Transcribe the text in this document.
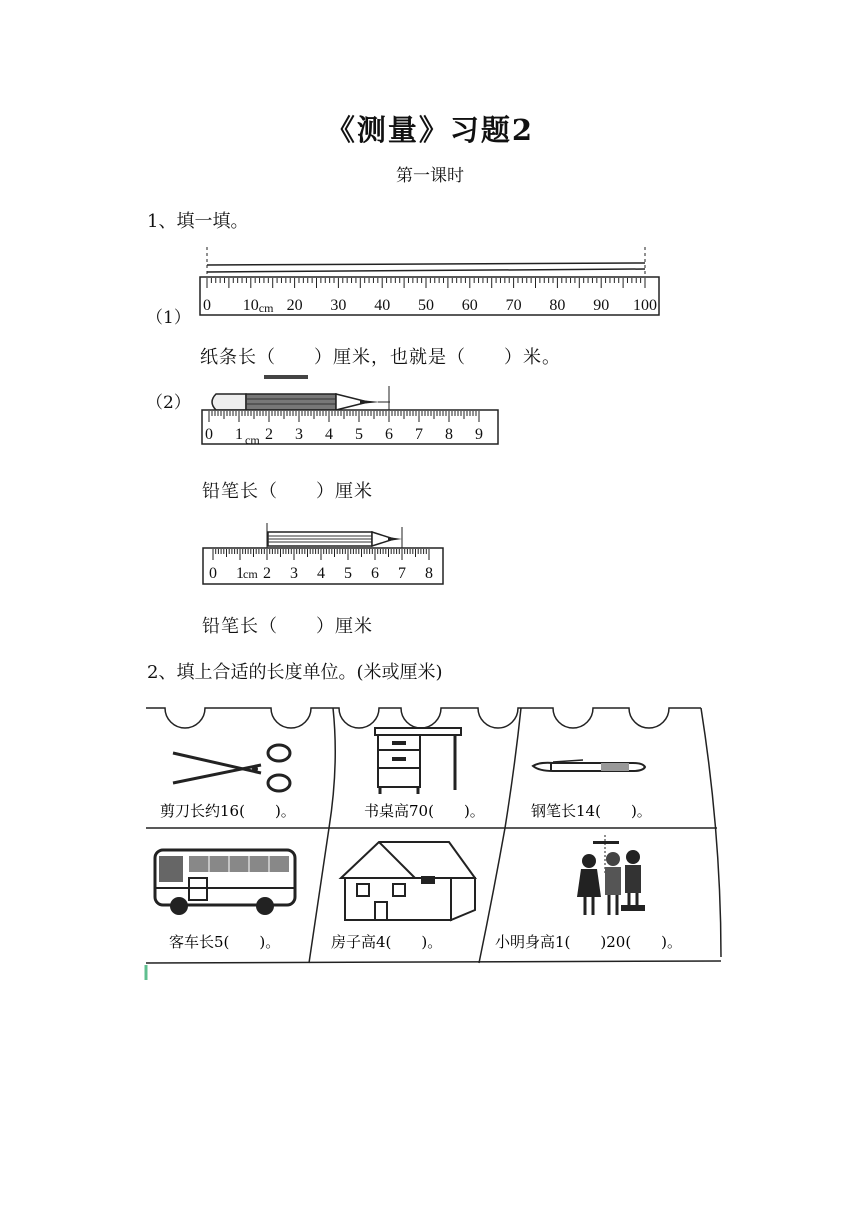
《测量》习题2
第一课时
1、填一填。
（1）
0 10 cm 20 30 40 50 60 70 80 90 100
纸条长（　　）厘米，也就是（　　）米。
（2）
0 1 cm 2 3 4 5 6 7 8 9
铅笔长（　　）厘米
0 1 cm 2 3 4 5 6 7 8
铅笔长（　　）厘米
2、填上合适的长度单位。(米或厘米)
剪刀长约16(　　)。	书桌高70(　　)。	钢笔长14(　　)。
客车长5(　　)。	房子高4(　　)。	小明身高1(　　)20(　　)。
